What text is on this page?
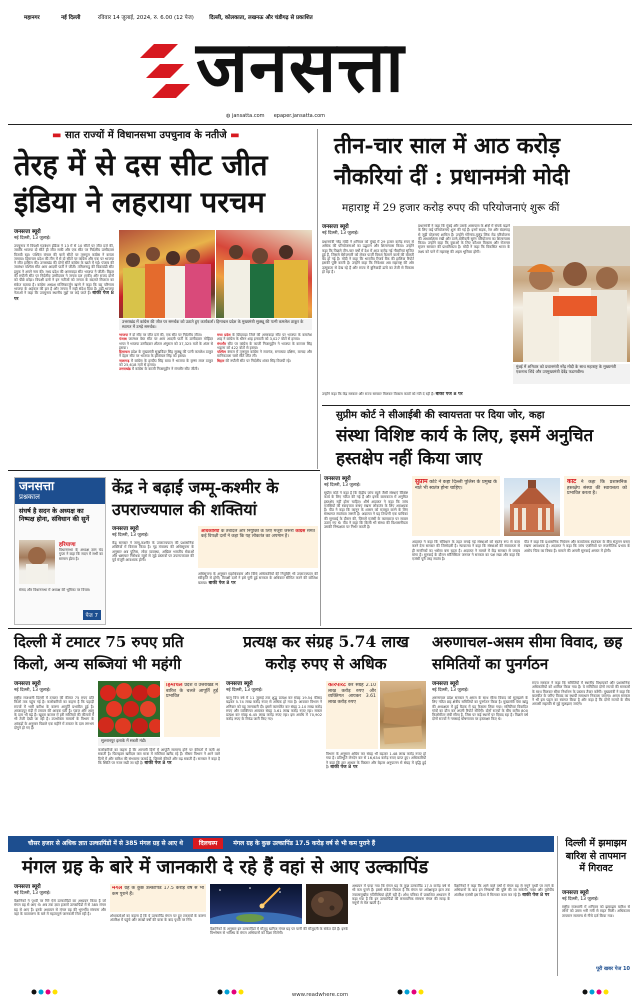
महानगर	नई दिल्ली	रविवार 14 जुलाई, 2024, रु. 6.00 (12 पेज)	दिल्ली, कोलकाता, लखनऊ और चंडीगढ़ से प्रकाशित
जनसत्ता
◍ jansatta.com epaper.jansatta.com
▬ सात राज्यों में विधानसभा उपचुनाव के नतीजे ▬
तेरह में से दस सीट जीत इंडिया ने लहराया परचम
जनसत्ता ब्यूरो
नई दिल्ली, 13 जुलाई।
उपचुनाव में विपक्षी गठबंधन इंडिया ने 13 में से 10 सीटों पर जीत दर्ज की, जबकि भाजपा दो सीटें ही जीत सकी और एक सीट पर निर्दलीय उम्मीदवार विजयी रहा। पश्चिम बंगाल की चारों सीटों पर तृणमूल कांग्रेस ने कब्जा जमाया। हिमाचल प्रदेश की तीन में से दो सीटों पर कांग्रेस और एक पर भाजपा ने जीत हासिल की। उत्तराखंड की दोनों सीटें कांग्रेस के खाते में गईं। पंजाब की जालंधर पश्चिम सीट आम आदमी पार्टी ने जीती। तमिलनाडु की विक्रवांडी सीट द्रमुक ने अपने नाम की। मध्य प्रदेश की अमरवाड़ा सीट भाजपा ने जीती। बिहार की रुपौली सीट पर निर्दलीय उम्मीदवार ने जनता दल (एकी) और राजद दोनों को पीछे छोड़ा। विपक्षी दलों ने इन नतीजों को जनता के बदलते मिजाज का संकेत बताया है। कांग्रेस अध्यक्ष मल्लिकार्जुन खरगे ने कहा कि यह परिणाम भाजपा के अहंकार की हार है और जनता ने सही संदेश दिया है। वहीं भाजपा नेताओं ने कहा कि उपचुनाव स्थानीय मुद्दों पर लड़े जाते हैं। बाकी पेज 8 पर
उत्तराखंड में कांग्रेस की जीत पर समर्थक को उठाते हुए कार्यकर्ता। हिमाचल प्रदेश के मुख्यमंत्री सुक्खू की पत्नी कमलेश ठाकुर के स्वागत में उमड़े समर्थक।

भाजपा ने दो सीट पर जीत दर्ज की, एक सीट पर निर्दलीय जीता।

पंजाब जालंधर वेस्ट सीट पर आम आदमी पार्टी के उम्मीदवार मोहिंदर भगत ने भाजपा उम्मीदवार शीतल अंगुराल को 37,325 मतों के अंतर से हराया।

हिमाचल प्रदेश के मुख्यमंत्री सुखविंदर सिंह सुक्खू की पत्नी कमलेश ठाकुर ने देहरा सीट पर भाजपा के होशियार सिंह को हराया।

नालागढ़ में कांग्रेस के हरदीप सिंह बावा ने भाजपा के कृष्ण लाल ठाकुर को 25,618 मतों से हराया।

उत्तराखंड में कांग्रेस के काजी निजामुद्दीन ने मंगलौर सीट जीती।

मध्य प्रदेश के छिंदवाड़ा जिले की अमरवाड़ा सीट पर भाजपा के कमलेश शाह ने कांग्रेस के धीरन शाह इनवाती को 3,027 वोटों से हराया।

मंगलौर सीट पर कांग्रेस के काजी निजामुद्दीन ने भाजपा के करतार सिंह भड़ाना को 422 वोटों से हराया।

पश्चिम बंगाल में तृणमूल कांग्रेस ने रायगंज, राणाघाट दक्षिण, बागदा और मानिकतला चारों सीटें जीत लीं।

बिहार की रुपौली सीट पर निर्दलीय शंकर सिंह विजयी रहे।

तीन-चार साल में आठ करोड़ नौकरियां दीं : प्रधानमंत्री मोदी
महाराष्ट्र में 29 हजार करोड़ रुपए की परियोजनाएं शुरू कीं
जनसत्ता ब्यूरो
नई दिल्ली, 13 जुलाई।
प्रधानमंत्री नरेंद्र मोदी ने शनिवार को मुंबई में 29 हजार करोड़ रुपए से अधिक की परियोजनाओं का उद्घाटन और शिलान्यास किया। उन्होंने कहा कि पिछले तीन-चार वर्षों में देश में आठ करोड़ नई नौकरियां सृजित हुई हैं, जिससे बेरोजगारी को लेकर फर्जी विमर्श फैलाने वालों की बोलती बंद हो गई है। मोदी ने कहा कि भारतीय रिजर्व बैंक की हालिया रिपोर्ट इसकी पुष्टि करती है। उन्होंने कहा कि निवेशक अब महाराष्ट्र की ओर उत्सुकता से देख रहे हैं और राज्य में बुनियादी ढांचे का तेजी से विकास हो रहा है।
प्रधानमंत्री ने कहा कि मुंबई और उसके आसपास के क्षेत्रों में संपर्क बढ़ाने के लिए कई परियोजनाएं शुरू की गई हैं। इनमें सड़क, रेल और बंदरगाह से जुड़ी योजनाएं शामिल हैं। उन्होंने गोरेगांव-मुलुंड लिंक रोड परियोजना की आधारशिला रखी और ठाणे-बोरीवली सुरंग परियोजना का शिलान्यास किया। उन्होंने कहा कि युवाओं के लिए कौशल विकास और रोजगार सृजन सरकार की प्राथमिकता है। मोदी ने कहा कि विकसित भारत के लक्ष्य को पाने में महाराष्ट्र की अहम भूमिका होगी।
मुंबई में शनिवार को प्रधानमंत्री नरेंद्र मोदी के साथ महाराष्ट्र के मुख्यमंत्री एकनाथ शिंदे और उपमुख्यमंत्री देवेंद्र फडणवीस।
उन्होंने कहा कि केंद्र सरकार और राज्य सरकार मिलकर विकास कार्यों को गति दे रही हैं। बाकी पेज 8 पर
सुप्रीम कोर्ट ने सीआईबी की स्वायत्तता पर दिया जोर, कहा
संस्था विशिष्ट कार्य के लिए, इसमें अनुचित हस्तक्षेप नहीं किया जाए
जनसत्ता
प्रश्नकाल
संघर्ष है सदन के अध्यक्ष का निष्पक्ष होना, संविधान की सुनें
हरियाणा
विधानसभा के अध्यक्ष ज्ञान चंद गुप्ता ने कहा कि सदन में सभी का सम्मान होता है।
संसद और विधानसभा में अध्यक्ष की भूमिका पर विचार।
पेज 7
केंद्र ने बढ़ाईं जम्मू-कश्मीर के उपराज्यपाल की शक्तियां
जनसत्ता ब्यूरो
नई दिल्ली, 13 जुलाई।
केंद्र सरकार ने जम्मू-कश्मीर के उपराज्यपाल की प्रशासनिक शक्तियों में विस्तार किया है। गृह मंत्रालय की अधिसूचना के अनुसार अब पुलिस, लोक व्यवस्था, अखिल भारतीय सेवाओं और भ्रष्टाचार निरोधक ब्यूरो से जुड़े प्रस्तावों पर उपराज्यपाल की पूर्व मंजूरी आवश्यक होगी।
अधिकारियों के तबादले और नियुक्ति के लिए मंजूरी जरूरी कांग्रेस समेत कई विपक्षी दलों ने कहा कि यह लोकतंत्र का अपमान है।
अधिसूचना के अनुसार महाधिवक्ता और विधि अधिकारियों की नियुक्ति भी उपराज्यपाल की स्वीकृति से होगी। विपक्षी दलों ने इसे चुनी हुई सरकार के अधिकार सीमित करने की कोशिश बताया। बाकी पेज 8 पर
जनसत्ता ब्यूरो
नई दिल्ली, 13 जुलाई।
सुप्रीम कोर्ट ने कहा है कि केंद्रीय जांच ब्यूरो जैसी संस्थाएं विशिष्ट कार्य के लिए गठित की गई हैं और इनके कामकाज में अनुचित हस्तक्षेप नहीं होना चाहिए। शीर्ष अदालत ने कहा कि जांच एजंसियों की स्वायत्तता बनाए रखना लोकतंत्र के लिए आवश्यक है। पीठ ने कहा कि कानून के शासन को मजबूत करने के लिए संस्थागत स्वतंत्रता जरूरी है। अदालत ने यह टिप्पणी एक याचिका की सुनवाई के दौरान की, जिसमें एजंसी के कामकाज पर सवाल उठाए गए थे। पीठ ने कहा कि किसी भी संस्था की विश्वसनीयता उसकी निष्पक्षता पर निर्भर करती है।
सुप्रीम कोर्ट ने कहा दिल्ली पुलिस के प्रमुख के नाते भी स्वतंत्र होना चाहिए।
कोर्ट ने कहा कि प्रशासनिक हस्तक्षेप संस्था की स्वायत्तता को प्रभावित करता है।
अदालत ने कहा कि संविधान के तहत बनाई गई संस्थाओं को स्वतंत्र रूप से काम करने देना सरकार की जिम्मेदारी है। न्यायालय ने कहा कि संस्थाओं की स्वायत्तता से ही नागरिकों का भरोसा बना रहता है। अदालत ने मामले में केंद्र सरकार से जवाब मांगा है। सुनवाई के दौरान सॉलिसिटर जनरल ने सरकार का पक्ष रखा और कहा कि एजंसी पूरी तरह स्वतंत्र है।
पीठ ने कहा कि प्रशासनिक नियंत्रण और कार्यात्मक स्वतंत्रता के बीच संतुलन बनाए रखना आवश्यक है। अदालत ने कहा कि जांच एजंसियों पर राजनीतिक प्रभाव के आरोप चिंता का विषय हैं। मामले की अगली सुनवाई अगस्त में होगी।
दिल्ली में टमाटर 75 रुपए प्रति किलो, अन्य सब्जियां भी महंगी
प्रत्यक्ष कर संग्रह 5.74 लाख करोड़ रुपए से अधिक
अरुणाचल-असम सीमा विवाद, छह समितियों का पुनर्गठन
जनसत्ता ब्यूरो
नई दिल्ली, 13 जुलाई।
राष्ट्रीय राजधानी दिल्ली में टमाटर की कीमत 75 रुपए प्रति किलो तक पहुंच गई है। कारोबारियों का कहना है कि पहाड़ी राज्यों में भारी बारिश के कारण आपूर्ति प्रभावित हुई है। आजादपुर मंडी में टमाटर की आवक घटी है। प्याज और आलू के दाम भी बढ़े हैं। खुदरा बाजार में हरी सब्जियों की कीमतों में भी तेजी देखी जा रही है। उपभोक्ता मामलों के विभाग के आंकड़ों के अनुसार पिछले एक महीने में टमाटर के दाम लगभग दोगुने हो गए हैं।
हिमाचल प्रदेश व उत्तराखंड में बारिश के चलते आपूर्ति हुई प्रभावित
सुल्तानपुर इलाके में सब्जी मंडी।
कारोबारियों का कहना है कि आगामी दिनों में आपूर्ति सामान्य होने पर कीमतों में कमी आ सकती है। फिलहाल खरीदार कम मात्रा में सब्जियां खरीद रहे हैं। मौसम विभाग ने आने वाले दिनों में और बारिश की संभावना जताई है, जिससे कीमतें और बढ़ सकती हैं। सरकार ने कहा है कि स्थिति पर नजर रखी जा रही है। बाकी पेज 8 पर
जनसत्ता ब्यूरो
नई दिल्ली, 13 जुलाई।
चालू वित्त वर्ष में 11 जुलाई तक शुद्ध प्रत्यक्ष कर संग्रह 19.54 फीसद बढ़कर 5.74 लाख करोड़ रुपए से अधिक हो गया है। आयकर विभाग ने शनिवार को यह जानकारी दी। इसमें कारपोरेट कर संग्रह 2.10 लाख करोड़ रुपए और व्यक्तिगत आयकर संग्रह 3.61 लाख करोड़ रुपए रहा। सकल प्रत्यक्ष कर संग्रह 6.45 लाख करोड़ रुपए रहा। इस अवधि में 70,902 करोड़ रुपए के रिफंड जारी किए गए।
कारपोरेट कर संग्रह 2.10 लाख करोड़ रुपए और व्यक्तिगत आयकर 3.61 लाख करोड़ रुपए
विभाग के अनुसार अग्रिम कर संग्रह भी बढ़कर 1.48 लाख करोड़ रुपए हो गया है। प्रतिभूति लेनदेन कर से 16,634 करोड़ रुपए प्राप्त हुए। अधिकारियों ने कहा कि कर आधार के विस्तार और बेहतर अनुपालन से संग्रह में वृद्धि हुई है। बाकी पेज 8 पर
जनसत्ता ब्यूरो
नई दिल्ली, 13 जुलाई।
अरुणाचल प्रदेश सरकार ने असम के साथ सीमा विवाद को सुलझाने के लिए गठित छह क्षेत्रीय समितियों का पुनर्गठन किया है। मुख्यमंत्री पेमा खांडू की अध्यक्षता में हुई बैठक में यह फैसला लिया गया। समितियां विवादित गांवों का दौरा कर अपनी रिपोर्ट सौंपेंगी। दोनों राज्यों के बीच करीब 800 किलोमीटर लंबी सीमा है, जिस पर कई स्थानों पर विवाद रहा है। पिछले वर्ष दोनों राज्यों ने नमसाई घोषणापत्र पर हस्ताक्षर किए थे।
राज्य सरकार ने कहा कि समितियों में स्थानीय विधायकों और प्रशासनिक अधिकारियों को शामिल किया गया है। ये समितियां दोनों राज्यों की सरकारों के साथ मिलकर सीमा निर्धारण के प्रस्ताव तैयार करेंगी। मुख्यमंत्री ने कहा कि बातचीत के जरिए विवाद का स्थायी समाधान निकाला जाएगा। असम सरकार ने भी इस पहल का स्वागत किया है और कहा है कि दोनों राज्यों के बीच आपसी सहमति से मुद्दे सुलझाए जाएंगे।
चौसर हजार से अधिक ज्ञात उल्कापिंडों में से 385 मंगल ग्रह से आए थे	दिलचस्प	मंगल ग्रह के कुछ उल्कापिंड 17.5 करोड़ वर्ष से भी कम पुराने हैं
मंगल ग्रह के बारे में जानकारी दे रहे हैं वहां से आए उल्कापिंड
जनसत्ता ब्यूरो
नई दिल्ली, 13 जुलाई।
वैज्ञानिकों ने पृथ्वी पर गिरे ऐसे उल्कापिंडों का अध्ययन किया है जो मंगल ग्रह से आए थे। अब तक ज्ञात हजारों उल्कापिंडों में से 385 मंगल ग्रह से आए हैं। इनके अध्ययन से मंगल ग्रह की भूगर्भीय संरचना और वहां के वातावरण के बारे में महत्वपूर्ण जानकारी मिल रही है।
मंगल ग्रह के कुछ उल्कापिंड 17.5 करोड़ वर्ष से भी कम पुराने हैं।
शोधकर्ताओं का कहना है कि ये उल्कापिंड मंगल पर हुए टकरावों के कारण अंतरिक्ष में पहुंचे और लाखों वर्षों की यात्रा के बाद पृथ्वी पर गिरे।
वैज्ञानिकों के अनुसार इन उल्कापिंडों में मौजूद खनिज मंगल ग्रह पर पानी की मौजूदगी के संकेत देते हैं। इनके विश्लेषण से भविष्य के मंगल अभियानों को दिशा मिलेगी।
अध्ययन में पाया गया कि मंगल ग्रह के कुछ उल्कापिंड 17.5 करोड़ वर्ष से भी कम पुराने हैं। इससे संकेत मिलता है कि मंगल पर अपेक्षाकृत हाल तक ज्वालामुखीय गतिविधियां होती रही हैं। शोध पत्रिका में प्रकाशित अध्ययन में कहा गया है कि इन उल्कापिंडों की रासायनिक संरचना मंगल की सतह के नमूनों से मेल खाती है।
वैज्ञानिकों ने कहा कि आने वाले वर्षों में मंगल ग्रह से नमूने पृथ्वी पर लाने के अभियानों के बाद इन निष्कर्षों की पुष्टि की जा सकेगी। नासा और यूरोपीय अंतरिक्ष एजंसी इस दिशा में मिलकर काम कर रहे हैं। बाकी पेज 8 पर
दिल्ली में झमाझम बारिश से तापमान में गिरावट
जनसत्ता ब्यूरो
नई दिल्ली, 13 जुलाई।
राष्ट्रीय राजधानी में शनिवार को झमाझम बारिश से लोगों को उमस भरी गर्मी से राहत मिली। अधिकतम तापमान सामान्य से नीचे दर्ज किया गया।
पूरी खबर पेज 10
www.readwhere.com
